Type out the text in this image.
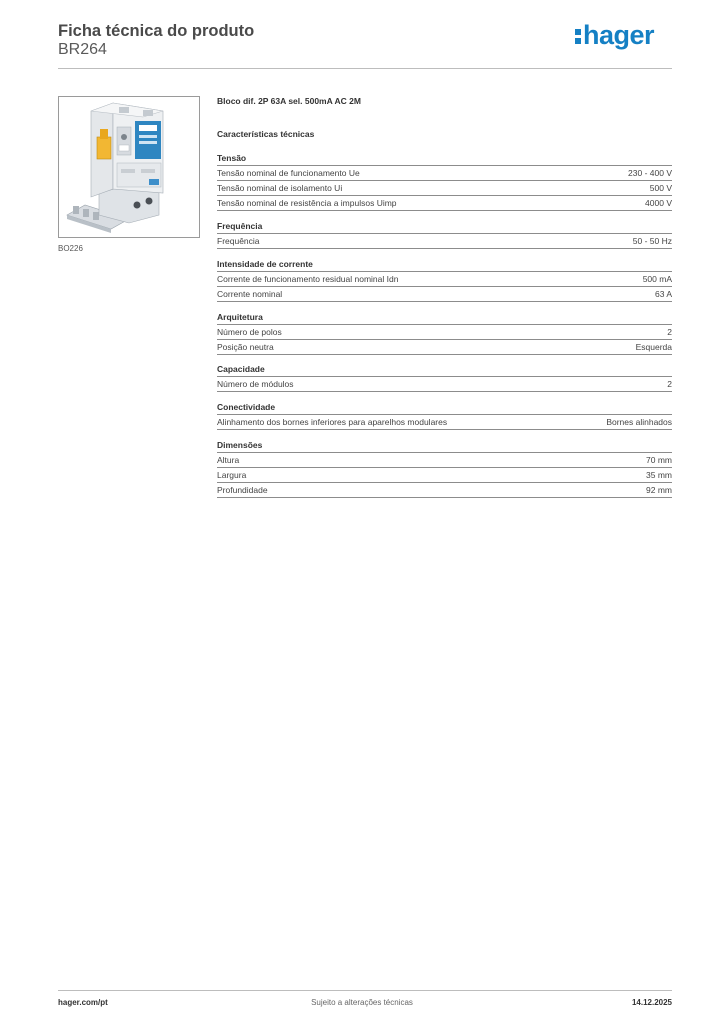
Ficha técnica do produto
BR264	hager
BO226
Bloco dif. 2P 63A sel. 500mA AC 2M
Características técnicas
Tensão
Tensão nominal de funcionamento Ue	230 - 400 V
Tensão nominal de isolamento Ui	500 V
Tensão nominal de resistência a impulsos Uimp	4000 V
Frequência
Frequência	50 - 50 Hz
Intensidade de corrente
Corrente de funcionamento residual nominal Idn	500 mA
Corrente nominal	63 A
Arquitetura
Número de polos	2
Posição neutra	Esquerda
Capacidade
Número de módulos	2
Conectividade
Alinhamento dos bornes inferiores para aparelhos modulares	Bornes alinhados
Dimensões
Altura	70 mm
Largura	35 mm
Profundidade	92 mm
hager.com/pt	Sujeito a alterações técnicas	14.12.2025
